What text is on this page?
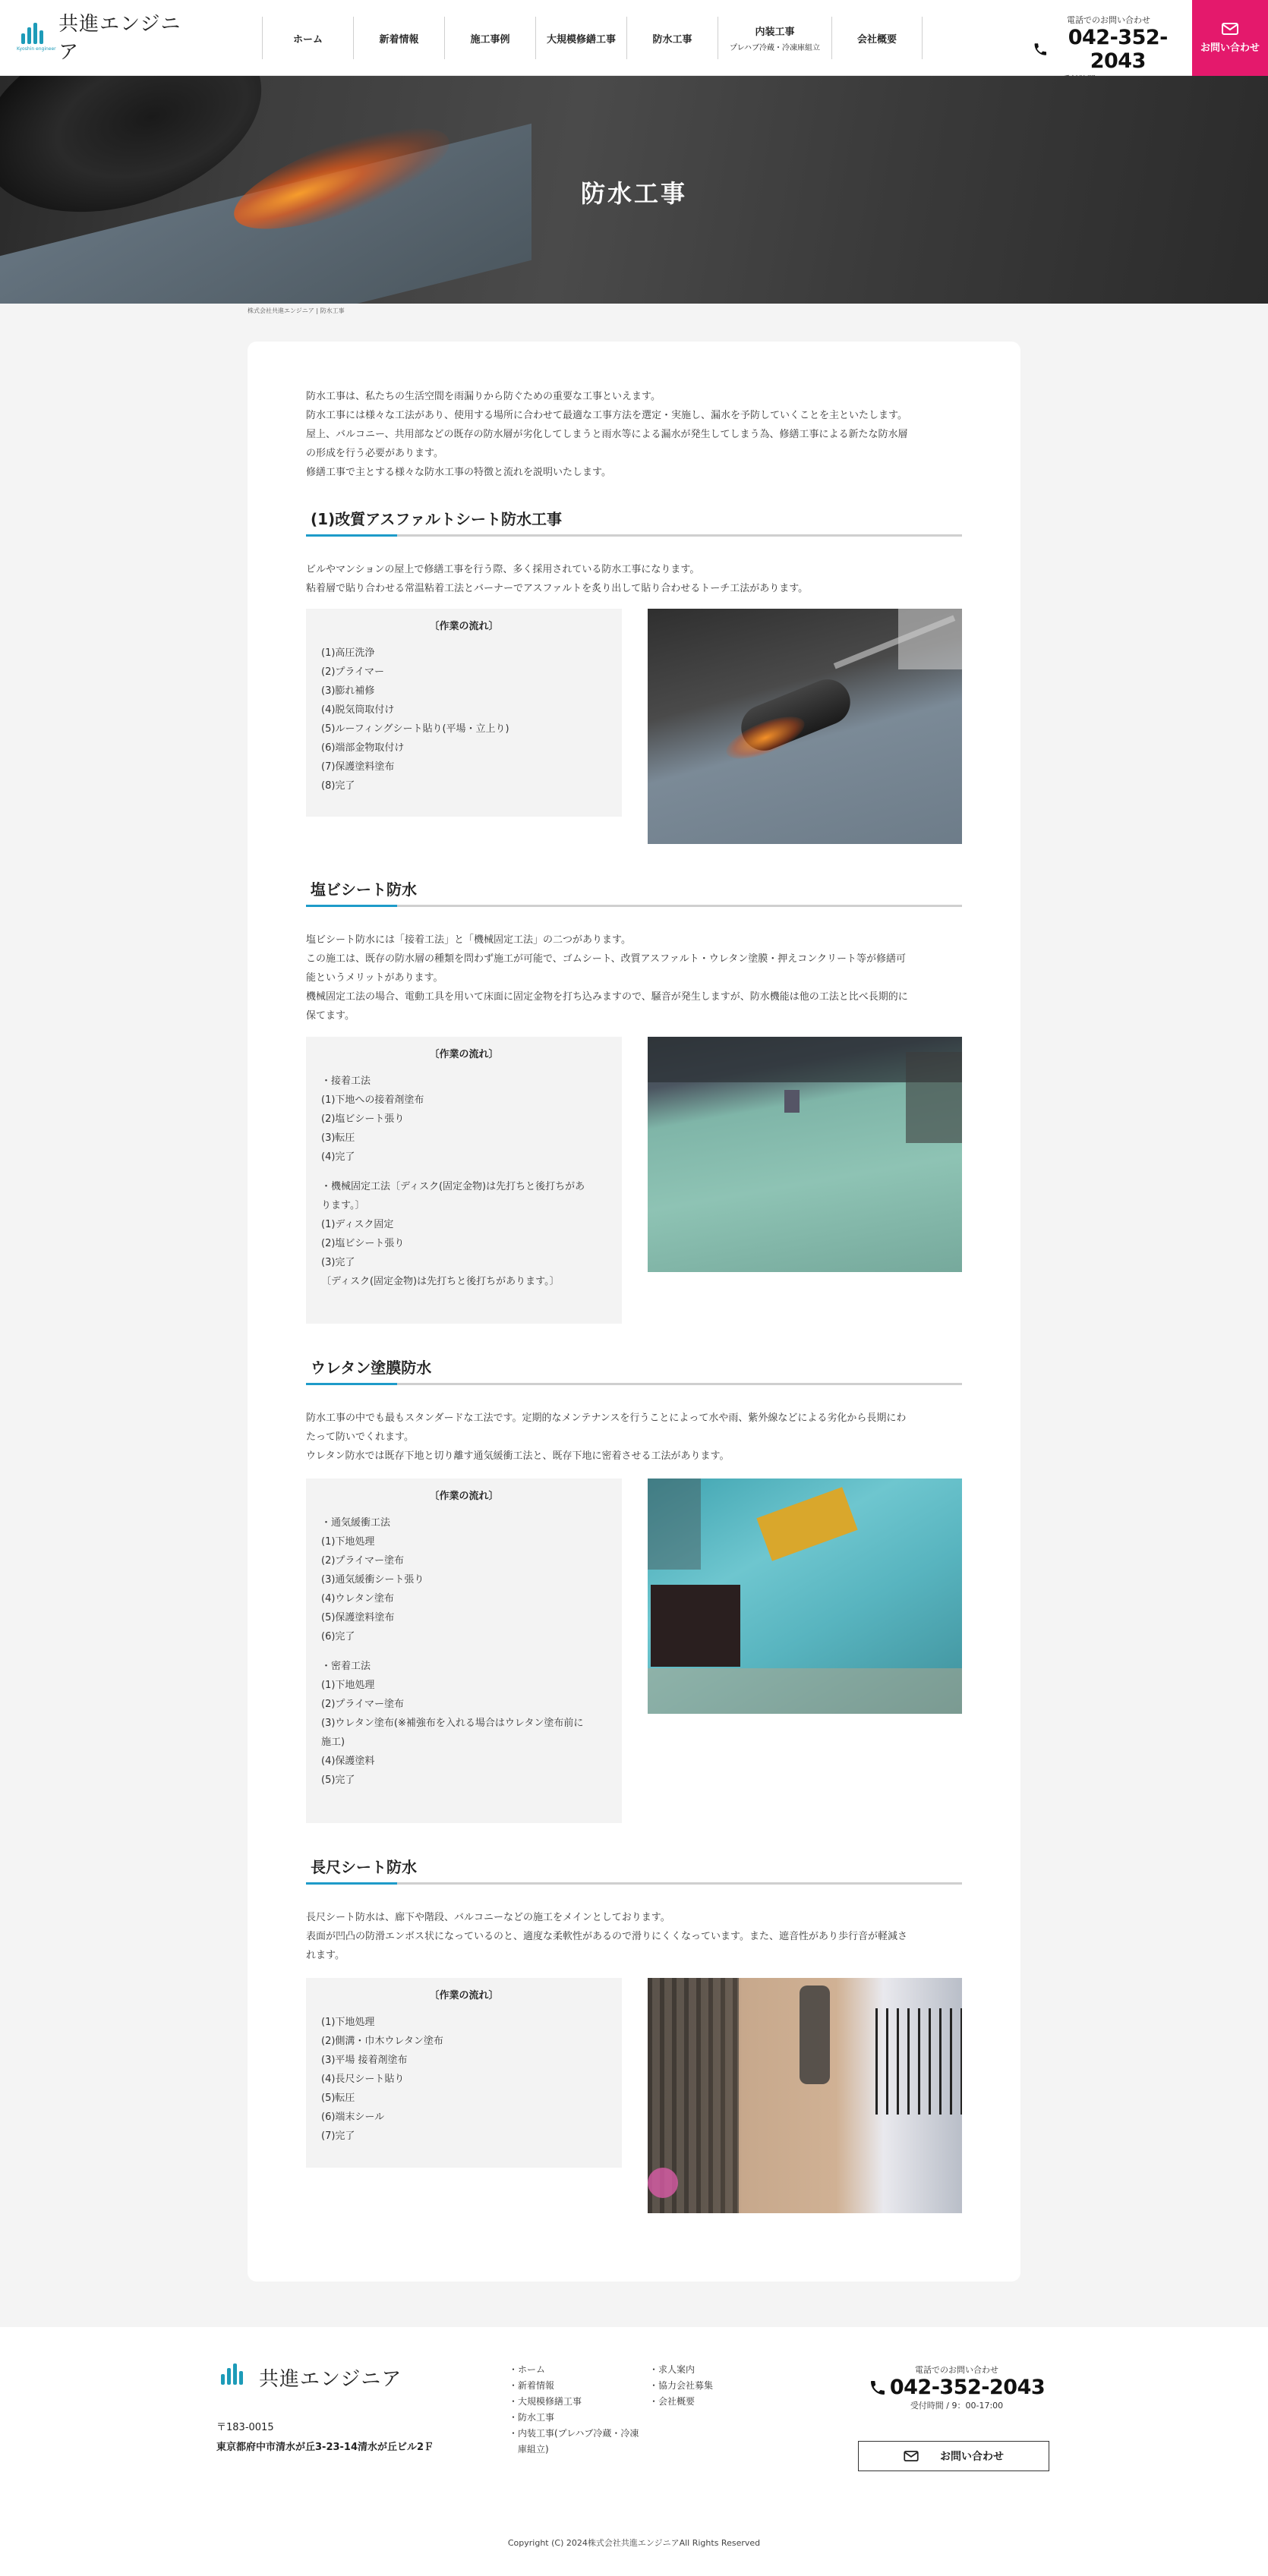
Kyoshin engineer
共進エンジニア
ホーム	新着情報	施工事例	大規模修繕工事	防水工事
内装工事
プレハブ冷蔵・冷凍庫組立
会社概要
電話でのお問い合わせ
042-352-2043
お問い合わせ
防水工事
株式会社共進エンジニア | 防水工事
防水工事は、私たちの生活空間を雨漏りから防ぐための重要な工事といえます。
防水工事には様々な工法があり、使用する場所に合わせて最適な工事方法を選定・実施し、漏水を予防していくことを主といたします。
屋上、バルコニー、共用部などの既存の防水層が劣化してしまうと雨水等による漏水が発生してしまう為、修繕工事による新たな防水層
の形成を行う必要があります。
修繕工事で主とする様々な防水工事の特徴と流れを説明いたします。
(1)改質アスファルトシート防水工事
ビルやマンションの屋上で修繕工事を行う際、多く採用されている防水工事になります。
粘着層で貼り合わせる常温粘着工法とバーナーでアスファルトを炙り出して貼り合わせるトーチ工法があります。
〔作業の流れ〕
(1)高圧洗浄
(2)プライマー
(3)膨れ補修
(4)脱気筒取付け
(5)ルーフィングシート貼り(平場・立上り)
(6)端部金物取付け
(7)保護塗料塗布
(8)完了
塩ビシート防水
塩ビシート防水には「接着工法」と「機械固定工法」の二つがあります。
この施工は、既存の防水層の種類を問わず施工が可能で、ゴムシート、改質アスファルト・ウレタン塗膜・押えコンクリート等が修繕可
能というメリットがあります。
機械固定工法の場合、電動工具を用いて床面に固定金物を打ち込みますので、騒音が発生しますが、防水機能は他の工法と比べ長期的に
保てます。
〔作業の流れ〕
・接着工法
(1)下地への接着剤塗布
(2)塩ビシート張り
(3)転圧
(4)完了
・機械固定工法〔ディスク(固定金物)は先打ちと後打ちがあ
ります。〕
(1)ディスク固定
(2)塩ビシート張り
(3)完了
〔ディスク(固定金物)は先打ちと後打ちがあります。〕
ウレタン塗膜防水
防水工事の中でも最もスタンダードな工法です。定期的なメンテナンスを行うことによって水や雨、紫外線などによる劣化から長期にわ
たって防いでくれます。
ウレタン防水では既存下地と切り離す通気緩衝工法と、既存下地に密着させる工法があります。
〔作業の流れ〕
・通気緩衝工法
(1)下地処理
(2)プライマー塗布
(3)通気緩衝シート張り
(4)ウレタン塗布
(5)保護塗料塗布
(6)完了
・密着工法
(1)下地処理
(2)プライマー塗布
(3)ウレタン塗布(※補強布を入れる場合はウレタン塗布前に
施工)
(4)保護塗料
(5)完了
長尺シート防水
長尺シート防水は、廊下や階段、バルコニーなどの施工をメインとしております。
表面が凹凸の防滑エンボス状になっているのと、適度な柔軟性があるので滑りにくくなっています。また、遮音性があり歩行音が軽減さ
れます。
〔作業の流れ〕
(1)下地処理
(2)側溝・巾木ウレタン塗布
(3)平場 接着剤塗布
(4)長尺シート貼り
(5)転圧
(6)端末シール
(7)完了
共進エンジニア
〒183-0015
東京都府中市清水が丘3-23-14清水が丘ビル2Ｆ
・ホーム
・新着情報
・大規模修繕工事
・防水工事
・内装工事(プレハブ冷蔵・冷凍
　庫組立)
・求人案内
・協力会社募集
・会社概要
電話でのお問い合わせ
042-352-2043
受付時間 / 9：00-17:00
お問い合わせ
Copyright (C) 2024株式会社共進エンジニアAll Rights Reserved
